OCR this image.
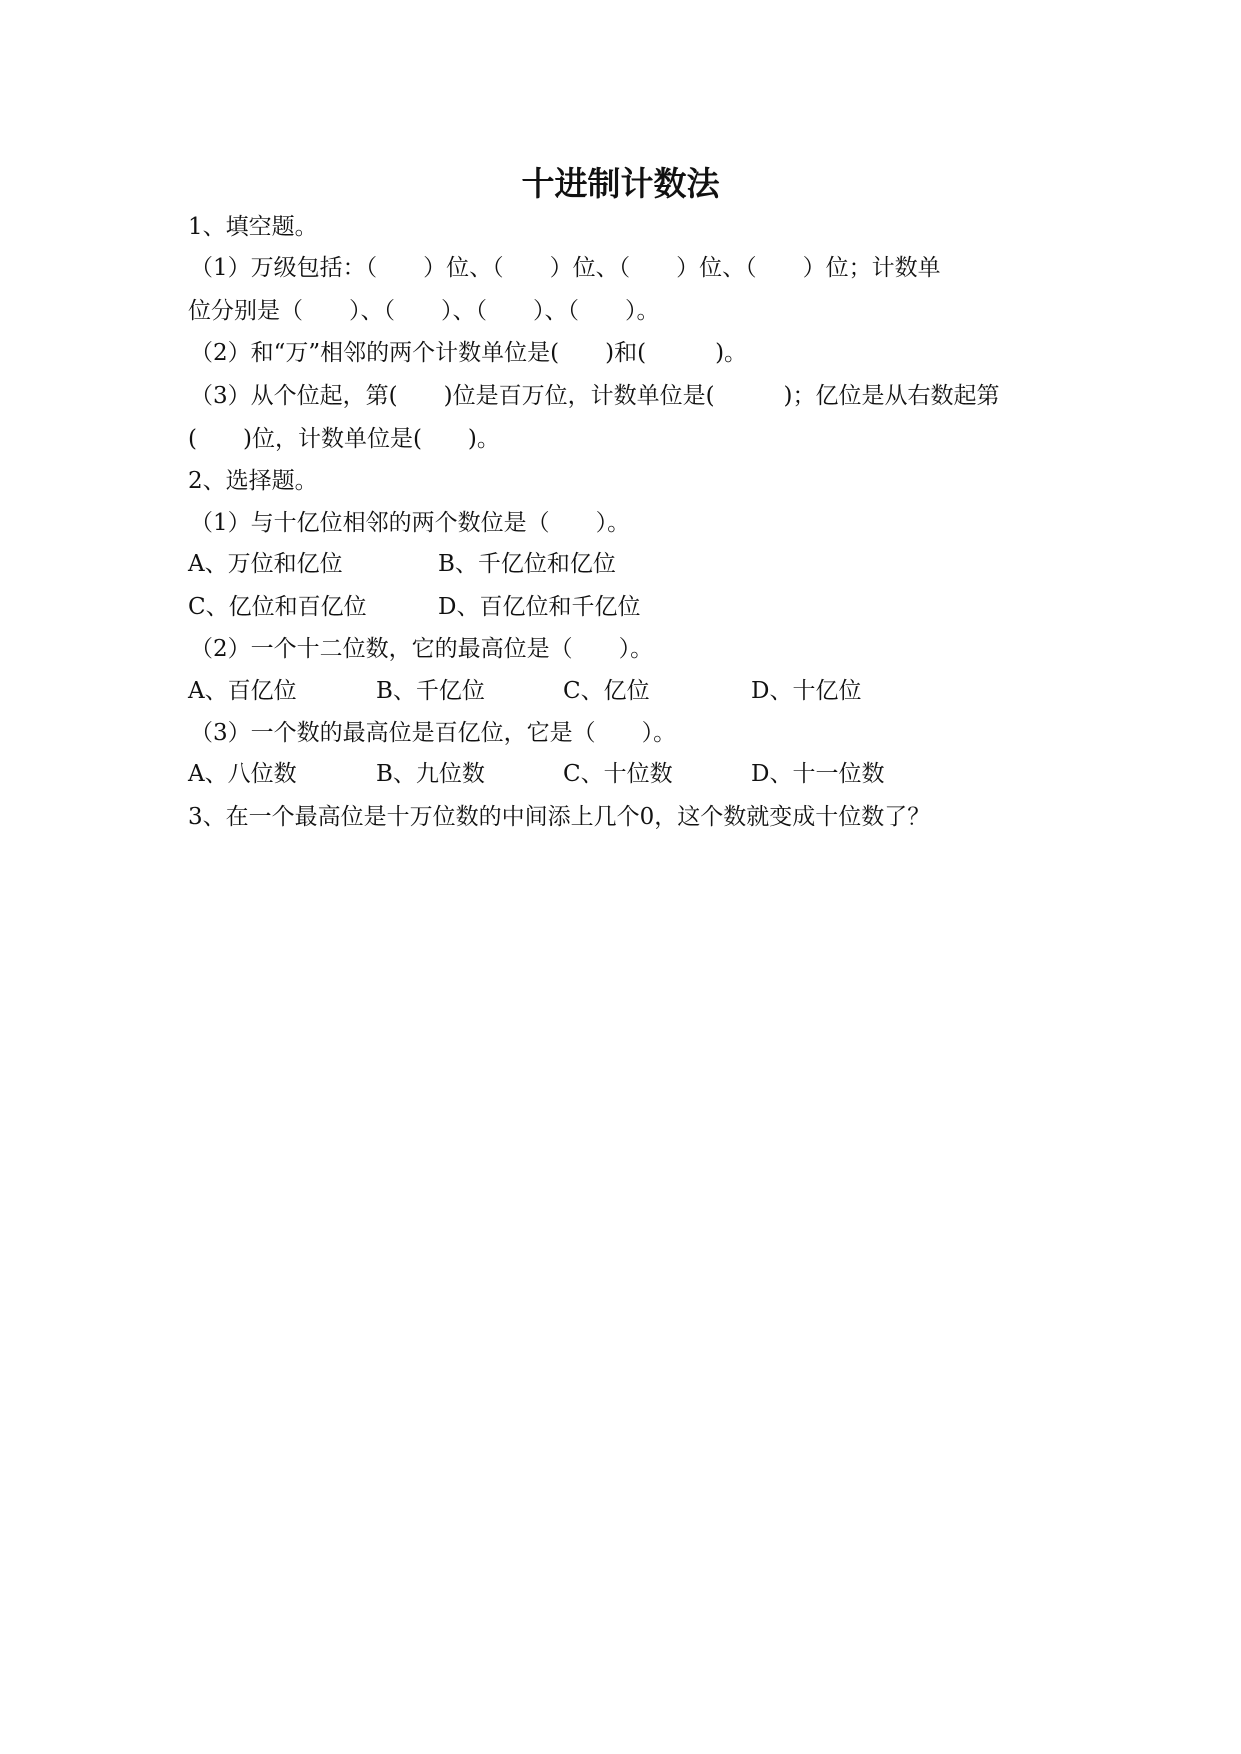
十进制计数法

1、填空题。

（1）万级包括：（　　）位、（　　）位、（　　）位、（　　）位；计数单

位分别是（　　）、（　　）、（　　）、（　　）。

（2）和“万”相邻的两个计数单位是(　　)和(　　　)。

（3）从个位起，第(　　)位是百万位，计数单位是(　　　)；亿位是从右数起第

(　　)位，计数单位是(　　)。

2、选择题。

（1）与十亿位相邻的两个数位是（　　）。

A、万位和亿位	B、千亿位和亿位
C、亿位和百亿位	D、百亿位和千亿位

（2）一个十二位数，它的最高位是（　　）。

A、百亿位	B、千亿位	C、亿位	D、十亿位

（3）一个数的最高位是百亿位，它是（　　）。

A、八位数	B、九位数	C、十位数	D、十一位数

3、在一个最高位是十万位数的中间添上几个0，这个数就变成十位数了？
